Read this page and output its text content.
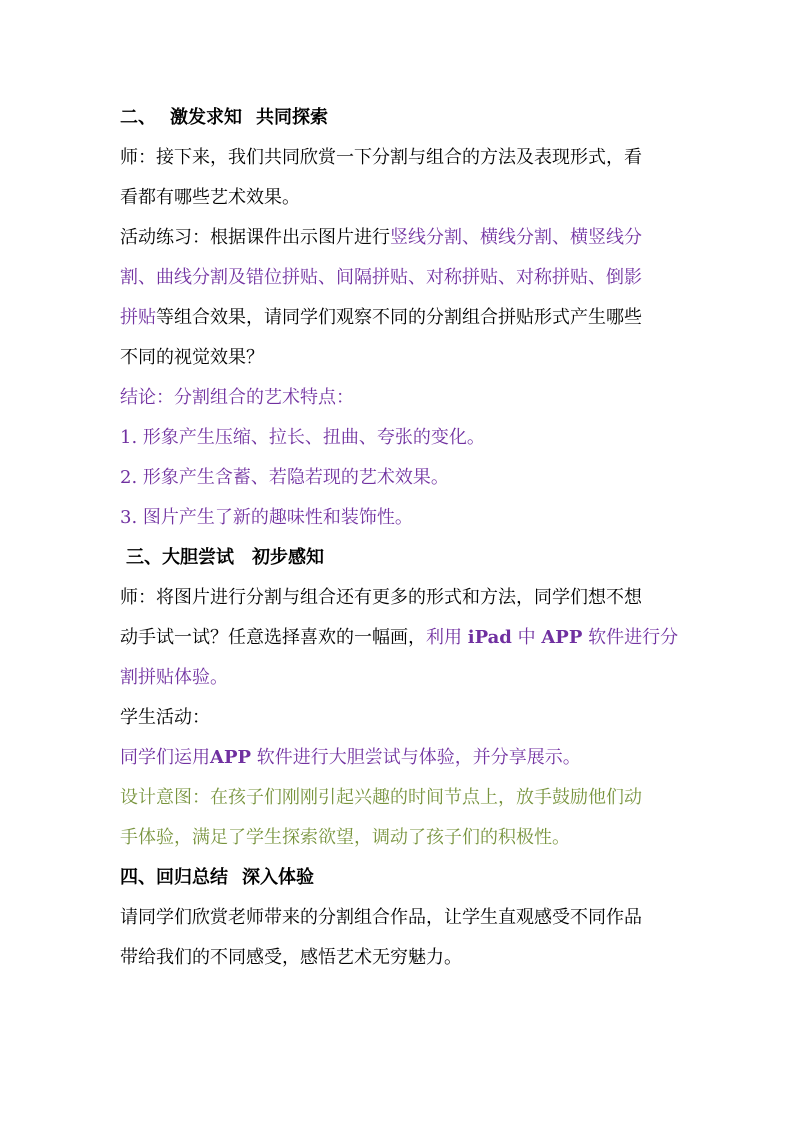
二、 激发求知 共同探索
师：接下来，我们共同欣赏一下分割与组合的方法及表现形式，看
看都有哪些艺术效果。
活动练习：根据课件出示图片进行竖线分割、横线分割、横竖线分
割、曲线分割及错位拼贴、间隔拼贴、对称拼贴、对称拼贴、倒影
拼贴等组合效果，请同学们观察不同的分割组合拼贴形式产生哪些
不同的视觉效果？
结论：分割组合的艺术特点：
1. 形象产生压缩、拉长、扭曲、夸张的变化。
2. 形象产生含蓄、若隐若现的艺术效果。
3. 图片产生了新的趣味性和装饰性。
三、大胆尝试 初步感知
师：将图片进行分割与组合还有更多的形式和方法，同学们想不想
动手试一试？任意选择喜欢的一幅画，利用 iPad 中 APP 软件进行分
割拼贴体验。
学生活动：
同学们运用APP 软件进行大胆尝试与体验，并分享展示。
设计意图：在孩子们刚刚引起兴趣的时间节点上，放手鼓励他们动
手体验，满足了学生探索欲望，调动了孩子们的积极性。
四、回归总结 深入体验
请同学们欣赏老师带来的分割组合作品，让学生直观感受不同作品
带给我们的不同感受，感悟艺术无穷魅力。
